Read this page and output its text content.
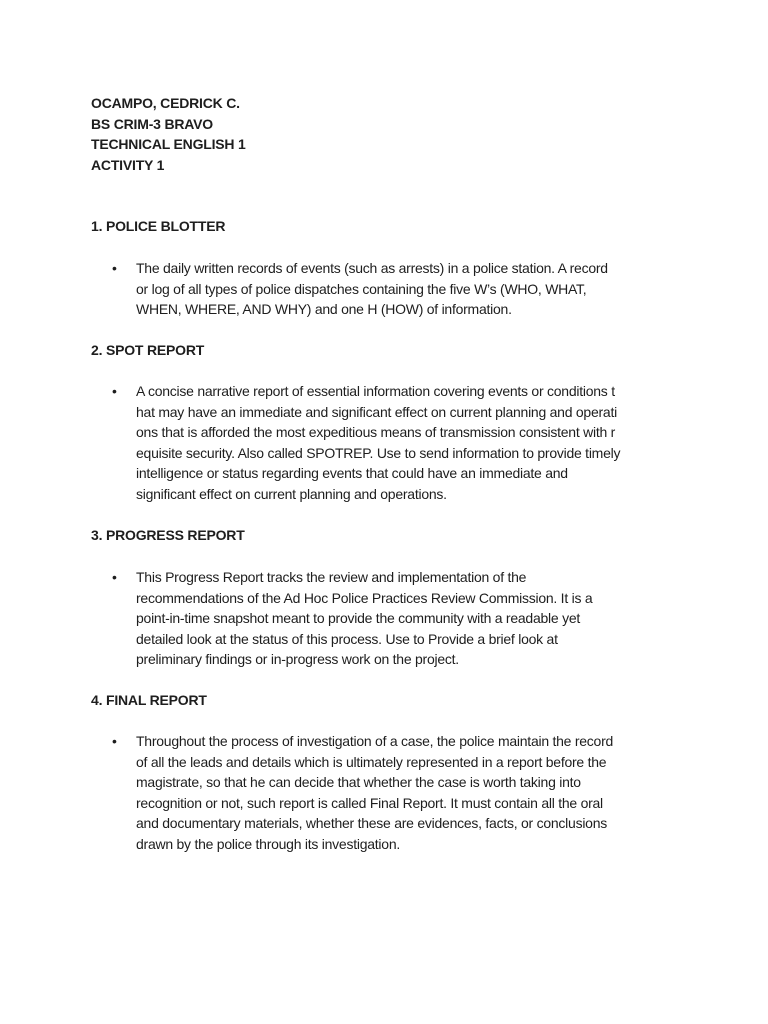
OCAMPO, CEDRICK C.
BS CRIM-3 BRAVO
TECHNICAL ENGLISH 1
ACTIVITY 1
1. POLICE BLOTTER
•	The daily written records of events (such as arrests) in a police station. A record
or log of all types of police dispatches containing the five W’s (WHO, WHAT,
WHEN, WHERE, AND WHY) and one H (HOW) of information.
2. SPOT REPORT
•	A concise narrative report of essential information covering events or conditions t
hat may have an immediate and significant effect on current planning and operati
ons that is afforded the most expeditious means of transmission consistent with r
equisite security. Also called SPOTREP. Use to send information to provide timely
intelligence or status regarding events that could have an immediate and
significant effect on current planning and operations.
3. PROGRESS REPORT
•	This Progress Report tracks the review and implementation of the
recommendations of the Ad Hoc Police Practices Review Commission. It is a
point-in-time snapshot meant to provide the community with a readable yet
detailed look at the status of this process. Use to Provide a brief look at
preliminary findings or in-progress work on the project.
4. FINAL REPORT
•	Throughout the process of investigation of a case, the police maintain the record
of all the leads and details which is ultimately represented in a report before the
magistrate, so that he can decide that whether the case is worth taking into
recognition or not, such report is called Final Report. It must contain all the oral
and documentary materials, whether these are evidences, facts, or conclusions
drawn by the police through its investigation.
